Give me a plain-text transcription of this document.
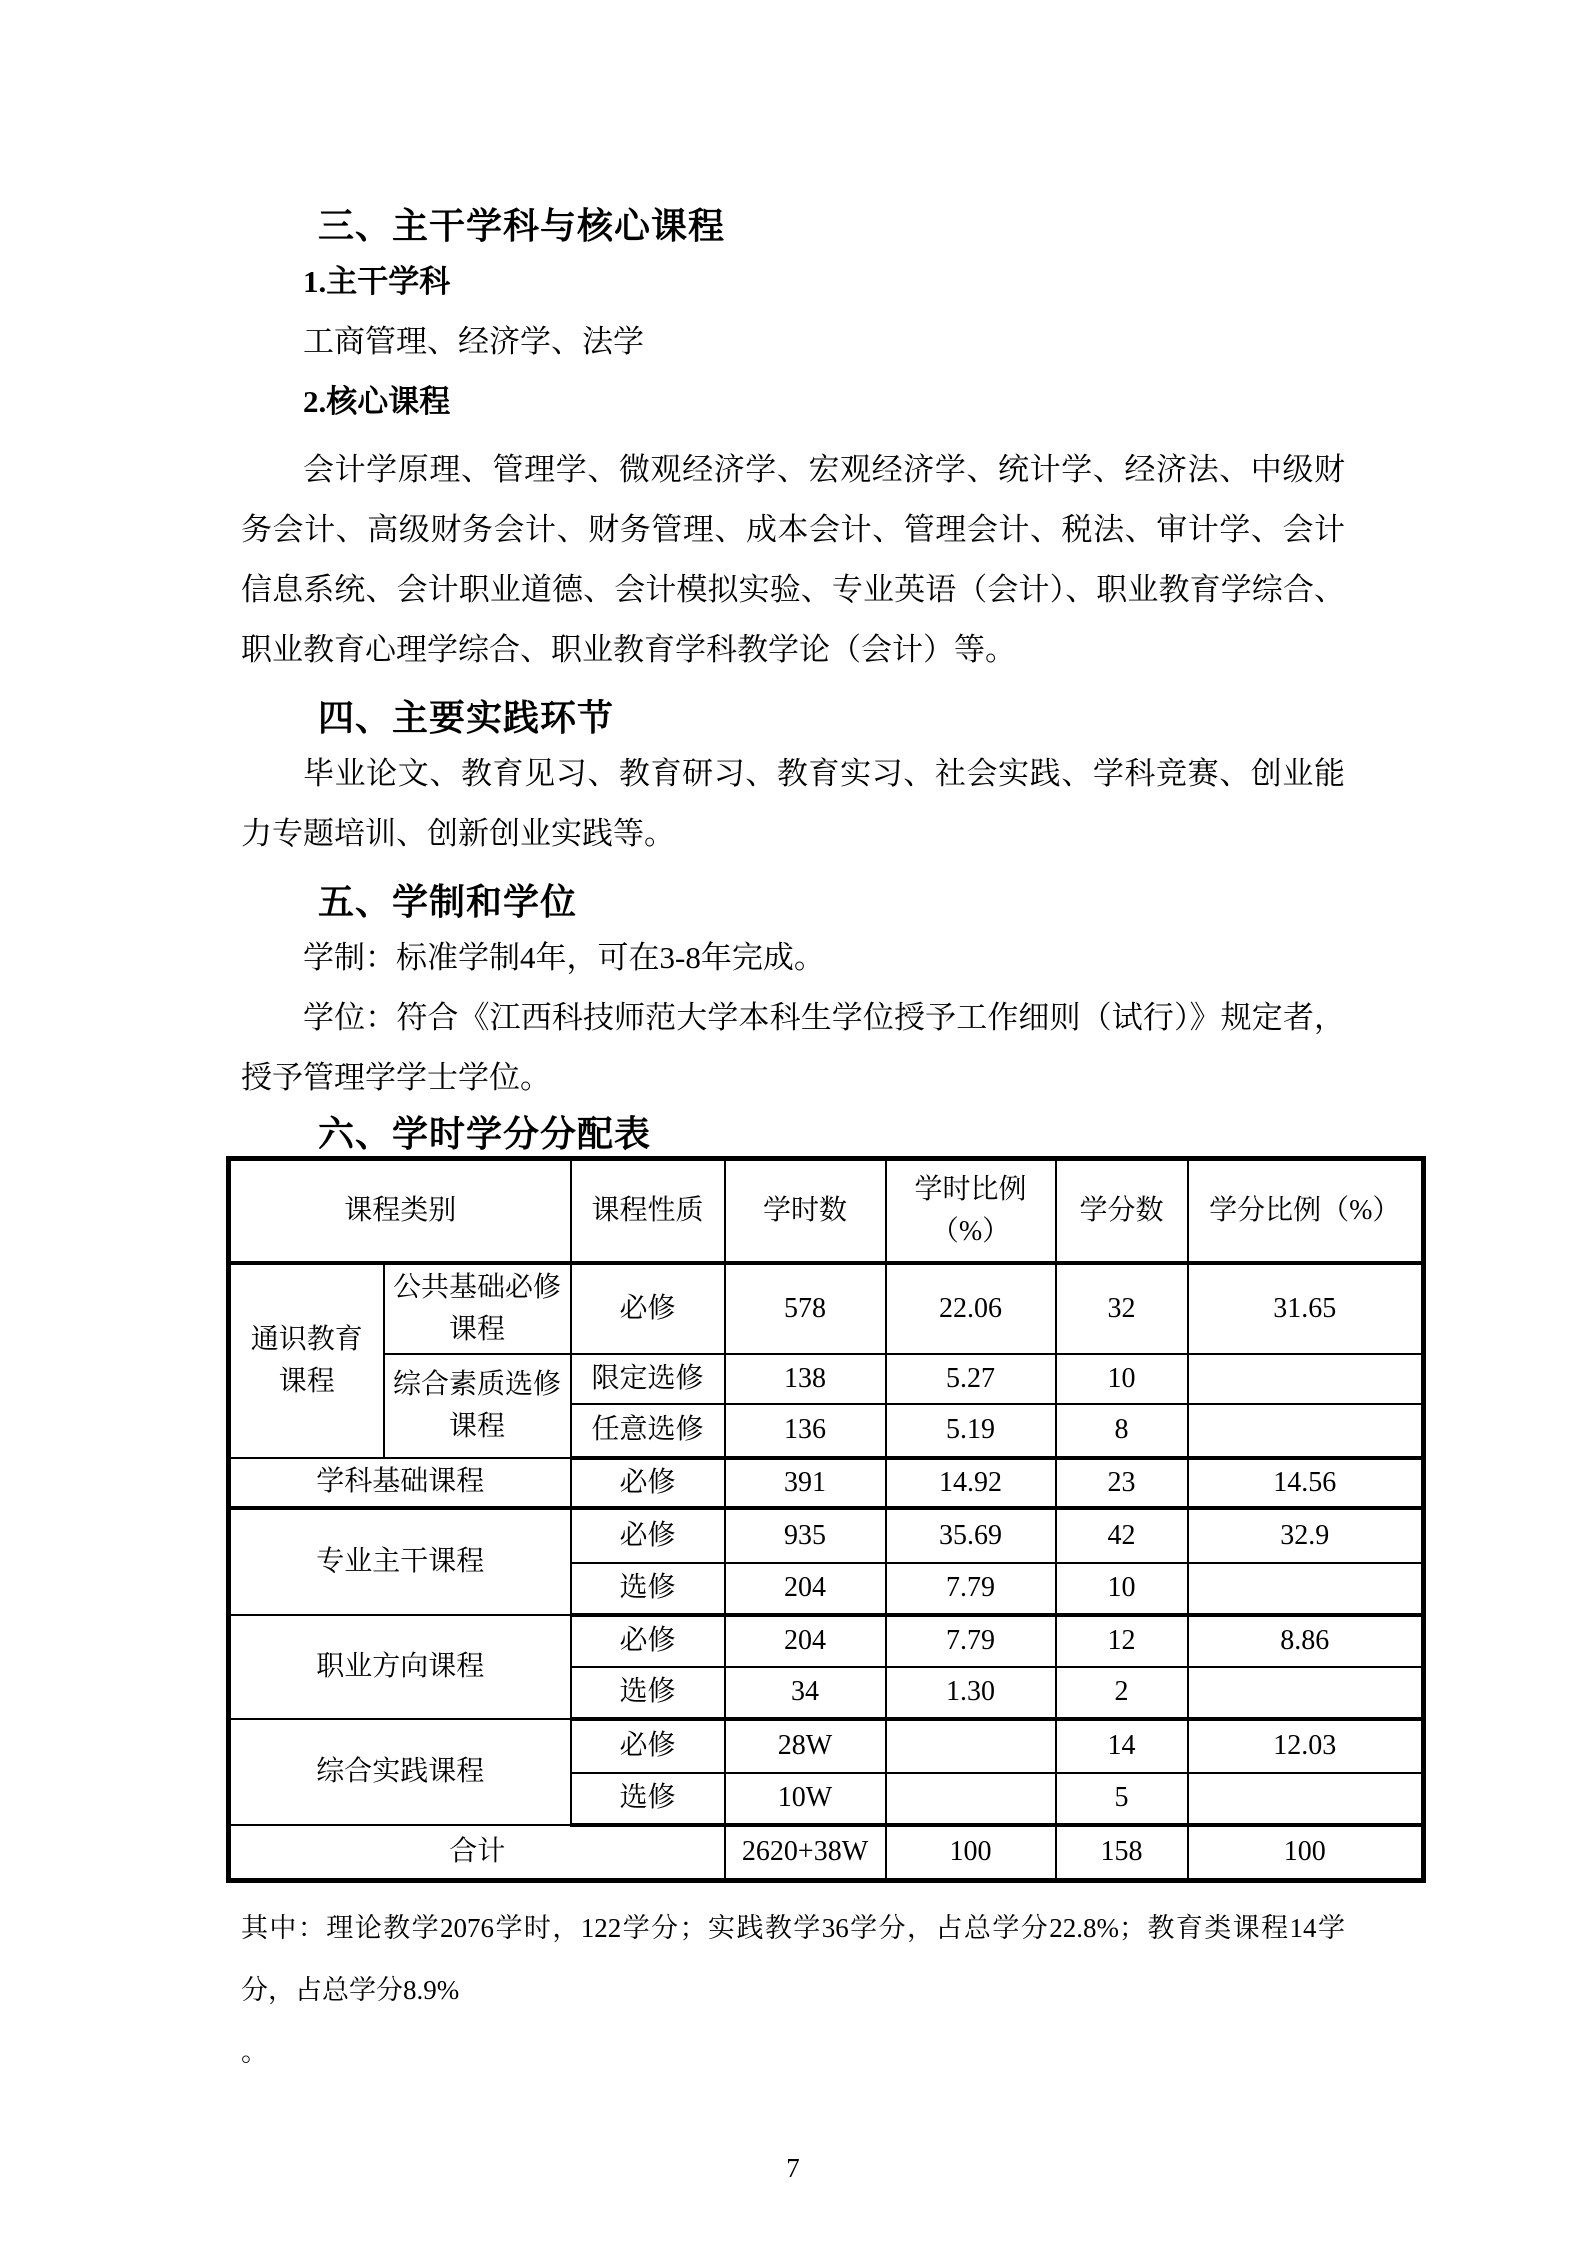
三、主干学科与核心课程
1.主干学科
工商管理、经济学、法学
2.核心课程
会计学原理、管理学、微观经济学、宏观经济学、统计学、经济法、中级财务会计、高级财务会计、财务管理、成本会计、管理会计、税法、审计学、会计信息系统、会计职业道德、会计模拟实验、专业英语（会计）、职业教育学综合、职业教育心理学综合、职业教育学科教学论（会计）等。
四、主要实践环节
毕业论文、教育见习、教育研习、教育实习、社会实践、学科竞赛、创业能力专题培训、创新创业实践等。
五、学制和学位
学制：标准学制4年，可在3-8年完成。
学位：符合《江西科技师范大学本科生学位授予工作细则（试行）》规定者，授予管理学学士学位。
六、学时学分分配表
课程类别		课程性质	学时数	学时比例（%）	学分数	学分比例（%）
通识教育课程	公共基础必修课程	必修	578	22.06	32	31.65
	综合素质选修课程	限定选修	138	5.27	10	
		任意选修	136	5.19	8	
学科基础课程		必修	391	14.92	23	14.56
专业主干课程		必修	935	35.69	42	32.9
		选修	204	7.79	10	
职业方向课程		必修	204	7.79	12	8.86
		选修	34	1.30	2	
综合实践课程		必修	28W		14	12.03
		选修	10W		5	
合计			2620+38W	100	158	100
其中：理论教学2076学时，122学分；实践教学36学分，占总学分22.8%；教育类课程14学分，占总学分8.9%
。
7
